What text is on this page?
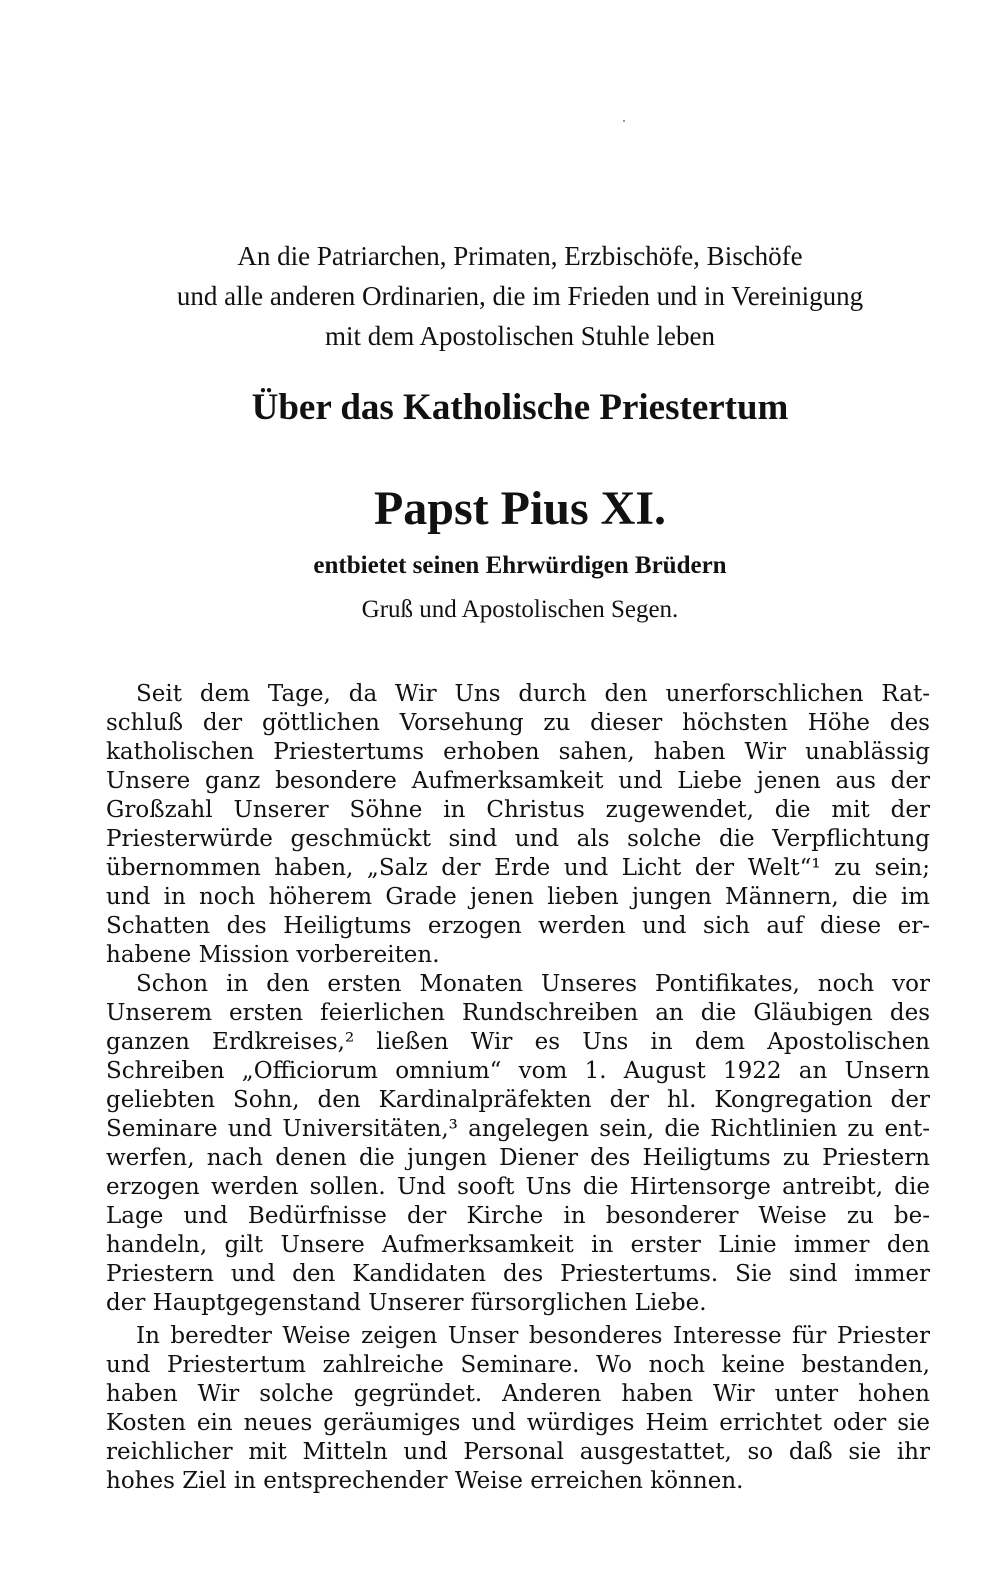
An die Patriarchen, Primaten, Erzbischöfe, Bischöfe
und alle anderen Ordinarien, die im Frieden und in Vereinigung
mit dem Apostolischen Stuhle leben
Über das Katholische Priestertum
Papst Pius XI.
entbietet seinen Ehrwürdigen Brüdern
Gruß und Apostolischen Segen.
Seit dem Tage, da Wir Uns durch den unerforschlichen Rat-
schluß der göttlichen Vorsehung zu dieser höchsten Höhe des
katholischen Priestertums erhoben sahen, haben Wir unablässig
Unsere ganz besondere Aufmerksamkeit und Liebe jenen aus der
Großzahl Unserer Söhne in Christus zugewendet, die mit der
Priesterwürde geschmückt sind und als solche die Verpflichtung
übernommen haben, „Salz der Erde und Licht der Welt“¹ zu sein;
und in noch höherem Grade jenen lieben jungen Männern, die im
Schatten des Heiligtums erzogen werden und sich auf diese er-
habene Mission vorbereiten.
Schon in den ersten Monaten Unseres Pontifikates, noch vor
Unserem ersten feierlichen Rundschreiben an die Gläubigen des
ganzen Erdkreises,² ließen Wir es Uns in dem Apostolischen
Schreiben „Officiorum omnium“ vom 1. August 1922 an Unsern
geliebten Sohn, den Kardinalpräfekten der hl. Kongregation der
Seminare und Universitäten,³ angelegen sein, die Richtlinien zu ent-
werfen, nach denen die jungen Diener des Heiligtums zu Priestern
erzogen werden sollen. Und sooft Uns die Hirtensorge antreibt, die
Lage und Bedürfnisse der Kirche in besonderer Weise zu be-
handeln, gilt Unsere Aufmerksamkeit in erster Linie immer den
Priestern und den Kandidaten des Priestertums. Sie sind immer
der Hauptgegenstand Unserer fürsorglichen Liebe.
In beredter Weise zeigen Unser besonderes Interesse für Priester
und Priestertum zahlreiche Seminare. Wo noch keine bestanden,
haben Wir solche gegründet. Anderen haben Wir unter hohen
Kosten ein neues geräumiges und würdiges Heim errichtet oder sie
reichlicher mit Mitteln und Personal ausgestattet, so daß sie ihr
hohes Ziel in entsprechender Weise erreichen können.
